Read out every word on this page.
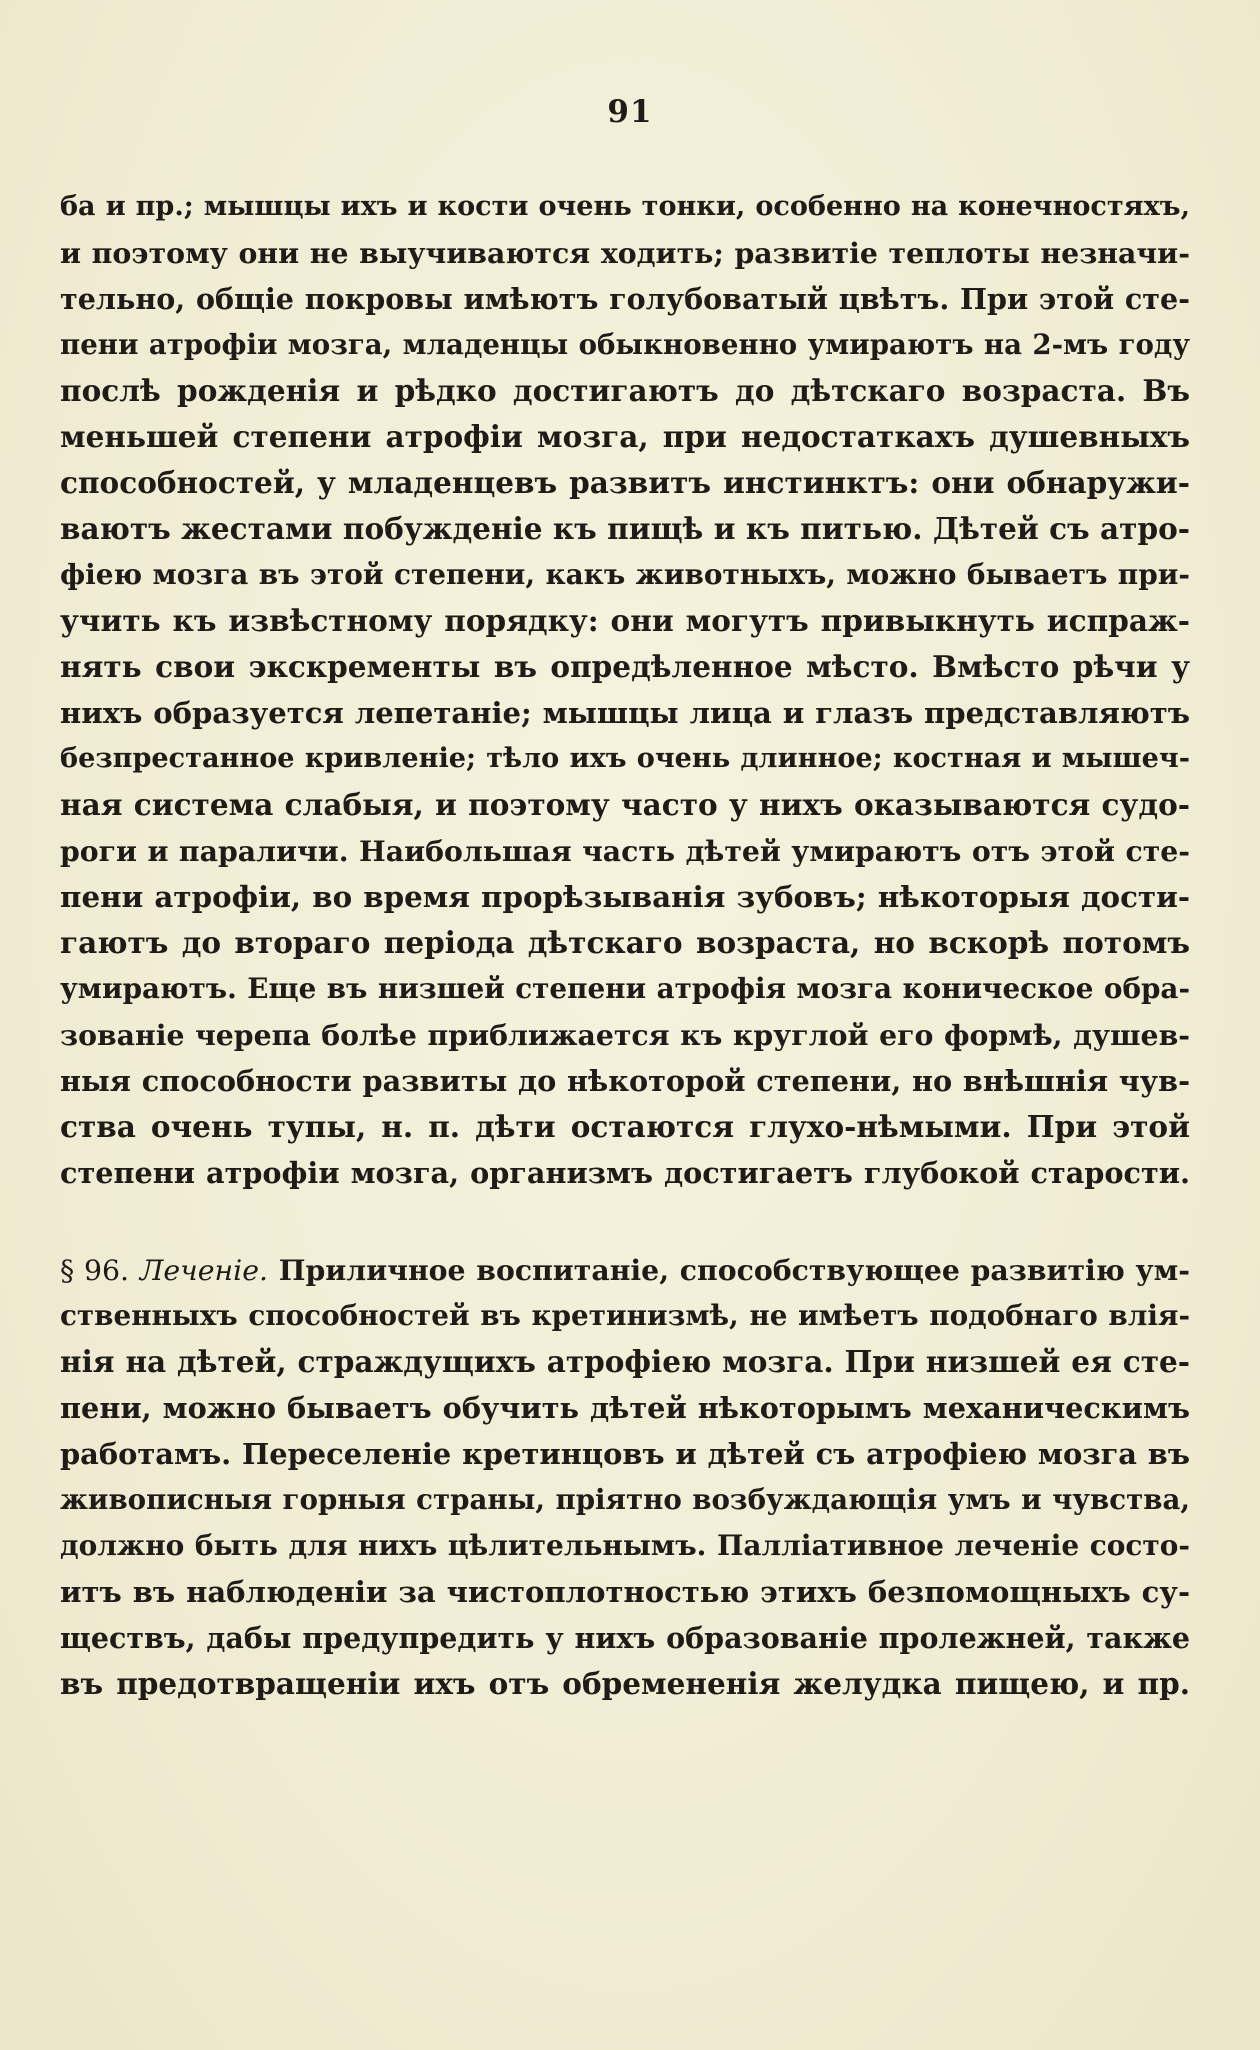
91
ба и пр.; мышцы ихъ и кости очень тонки, особенно на конечностяхъ,
и поэтому они не выучиваются ходить; развитіе теплоты незначи-
тельно, общіе покровы имѣютъ голубоватый цвѣтъ. При этой сте-
пени атрофіи мозга, младенцы обыкновенно умираютъ на 2-мъ году
послѣ рожденія и рѣдко достигаютъ до дѣтскаго возраста. Въ
меньшей степени атрофіи мозга, при недостаткахъ душевныхъ
способностей, у младенцевъ развитъ инстинктъ: они обнаружи-
ваютъ жестами побужденіе къ пищѣ и къ питью. Дѣтей съ атро-
фіею мозга въ этой степени, какъ животныхъ, можно бываетъ при-
учить къ извѣстному порядку: они могутъ привыкнуть испраж-
нять свои экскременты въ опредѣленное мѣсто. Вмѣсто рѣчи у
нихъ образуется лепетаніе; мышцы лица и глазъ представляютъ
безпрестанное кривленіе; тѣло ихъ очень длинное; костная и мышеч-
ная система слабыя, и поэтому часто у нихъ оказываются судо-
роги и параличи. Наибольшая часть дѣтей умираютъ отъ этой сте-
пени атрофіи, во время прорѣзыванія зубовъ; нѣкоторыя дости-
гаютъ до втораго періода дѣтскаго возраста, но вскорѣ потомъ
умираютъ. Еще въ низшей степени атрофія мозга коническое обра-
зованіе черепа болѣе приближается къ круглой его формѣ, душев-
ныя способности развиты до нѣкоторой степени, но внѣшнія чув-
ства очень тупы, н. п. дѣти остаются глухо-нѣмыми. При этой
степени атрофіи мозга, организмъ достигаетъ глубокой старости.
§ 96. Леченіе. Приличное воспитаніе, способствующее развитію ум-
ственныхъ способностей въ кретинизмѣ, не имѣетъ подобнаго влія-
нія на дѣтей, страждущихъ атрофіею мозга. При низшей ея сте-
пени, можно бываетъ обучить дѣтей нѣкоторымъ механическимъ
работамъ. Переселеніе кретинцовъ и дѣтей съ атрофіею мозга въ
живописныя горныя страны, пріятно возбуждающія умъ и чувства,
должно быть для нихъ цѣлительнымъ. Палліативное леченіе состо-
итъ въ наблюденіи за чистоплотностью этихъ безпомощныхъ су-
ществъ, дабы предупредить у нихъ образованіе пролежней, также
въ предотвращеніи ихъ отъ обремененія желудка пищею, и пр.
